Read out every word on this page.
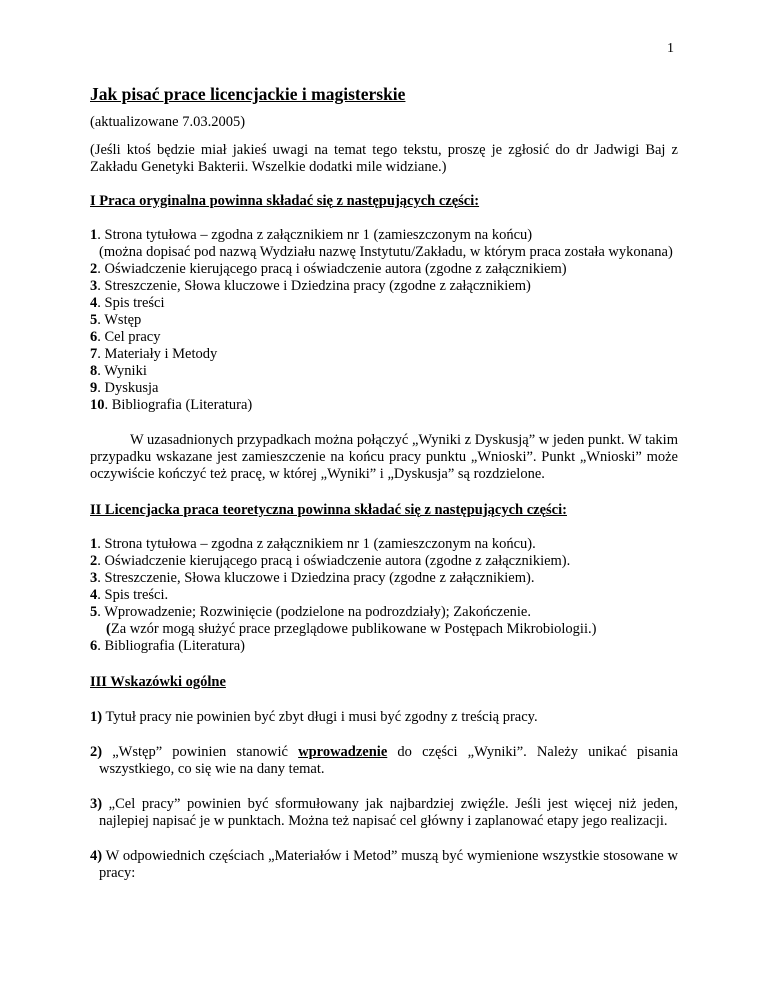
1

Jak pisać prace licencjackie i magisterskie

(aktualizowane 7.03.2005)

(Jeśli ktoś będzie miał jakieś uwagi na temat tego tekstu, proszę je zgłosić do dr Jadwigi Baj z Zakładu Genetyki Bakterii. Wszelkie dodatki mile widziane.)

I Praca oryginalna powinna składać się z następujących części:

1. Strona tytułowa – zgodna z załącznikiem nr 1 (zamieszczonym na końcu)
(można dopisać pod nazwą Wydziału nazwę Instytutu/Zakładu, w którym praca została wykonana)
2. Oświadczenie kierującego pracą i oświadczenie autora (zgodne z załącznikiem)
3. Streszczenie, Słowa kluczowe i Dziedzina pracy (zgodne z załącznikiem)
4. Spis treści
5. Wstęp
6. Cel pracy
7. Materiały i Metody
8. Wyniki
9. Dyskusja
10. Bibliografia (Literatura)

W uzasadnionych przypadkach można połączyć „Wyniki z Dyskusją” w jeden punkt. W takim przypadku wskazane jest zamieszczenie na końcu pracy punktu „Wnioski”. Punkt „Wnioski” może oczywiście kończyć też pracę, w której „Wyniki” i „Dyskusja” są rozdzielone.

II Licencjacka praca teoretyczna powinna składać się z następujących części:

1. Strona tytułowa – zgodna z załącznikiem nr 1 (zamieszczonym na końcu).
2. Oświadczenie kierującego pracą i oświadczenie autora (zgodne z załącznikiem).
3. Streszczenie, Słowa kluczowe i Dziedzina pracy (zgodne z załącznikiem).
4. Spis treści.
5. Wprowadzenie; Rozwinięcie (podzielone na podrozdziały); Zakończenie.
(Za wzór mogą służyć prace przeglądowe publikowane w Postępach Mikrobiologii.)
6. Bibliografia (Literatura)

III Wskazówki ogólne

1) Tytuł pracy nie powinien być zbyt długi i musi być zgodny z treścią pracy.

2) „Wstęp” powinien stanowić wprowadzenie do części „Wyniki”. Należy unikać pisania wszystkiego, co się wie na dany temat.

3) „Cel pracy” powinien być sformułowany jak najbardziej zwięźle. Jeśli jest więcej niż jeden, najlepiej napisać je w punktach. Można też napisać cel główny i zaplanować etapy jego realizacji.

4) W odpowiednich częściach „Materiałów i Metod” muszą być wymienione wszystkie stosowane w pracy:
